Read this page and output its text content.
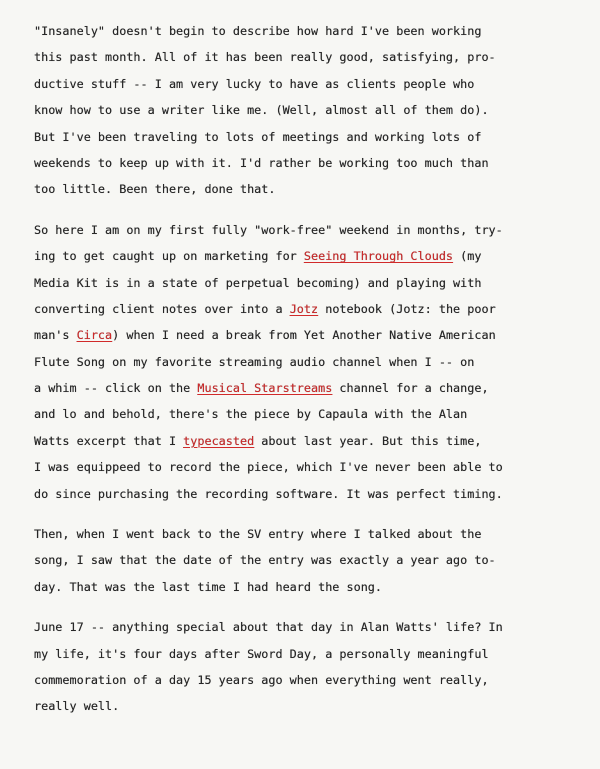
"Insanely" doesn't begin to describe how hard I've been working
this past month. All of it has been really good, satisfying, pro-
ductive stuff -- I am very lucky to have as clients people who
know how to use a writer like me. (Well, almost all of them do).
But I've been traveling to lots of meetings and working lots of
weekends to keep up with it. I'd rather be working too much than
too little. Been there, done that.
So here I am on my first fully "work-free" weekend in months, try-
ing to get caught up on marketing for Seeing Through Clouds (my
Media Kit is in a state of perpetual becoming) and playing with
converting client notes over into a Jotz notebook (Jotz: the poor
man's Circa) when I need a break from Yet Another Native American
Flute Song on my favorite streaming audio channel when I -- on
a whim -- click on the Musical Starstreams channel for a change,
and lo and behold, there's the piece by Capaula with the Alan
Watts excerpt that I typecasted about last year. But this time,
I was equippeed to record the piece, which I've never been able to
do since purchasing the recording software. It was perfect timing.
Then, when I went back to the SV entry where I talked about the
song, I saw that the date of the entry was exactly a year ago to-
day. That was the last time I had heard the song.
June 17 -- anything special about that day in Alan Watts' life? In
my life, it's four days after Sword Day, a personally meaningful
commemoration of a day 15 years ago when everything went really,
really well.
